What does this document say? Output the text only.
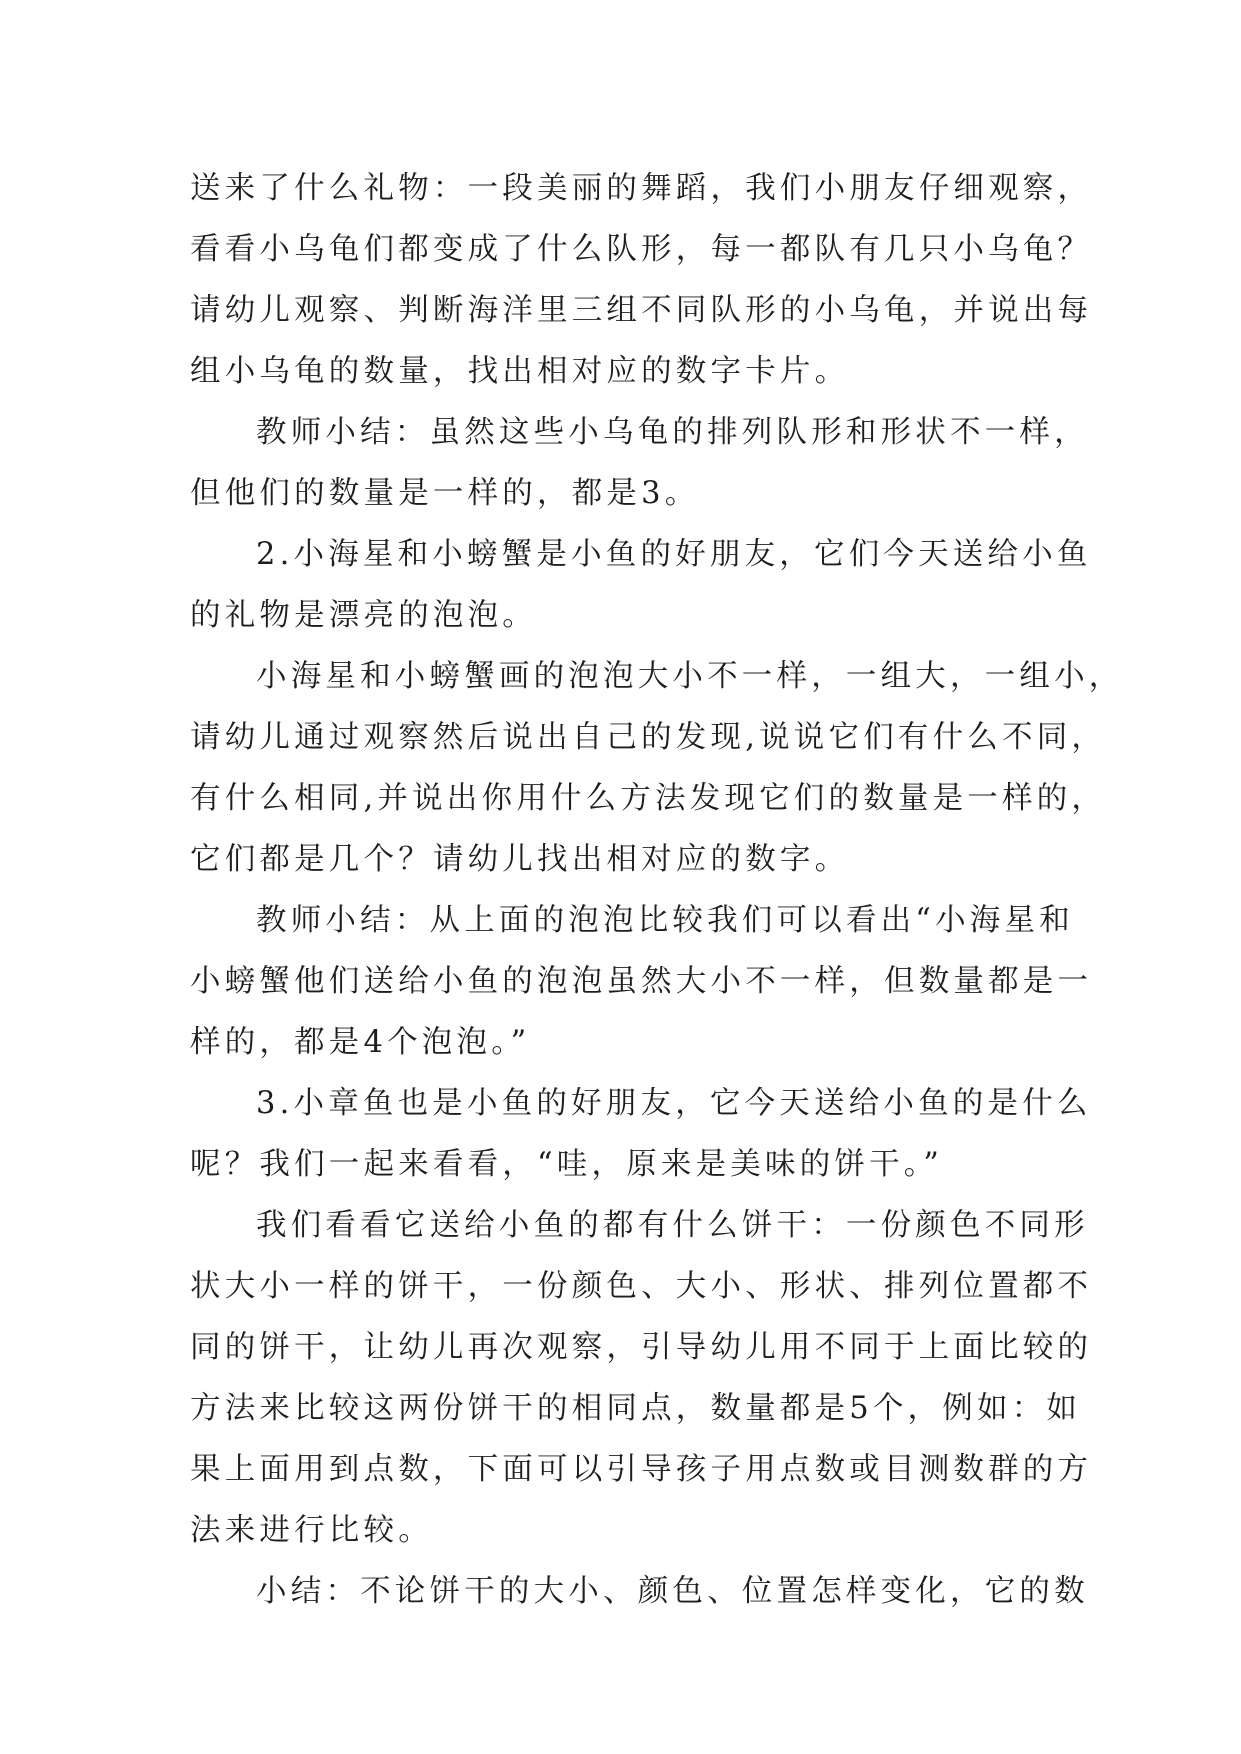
送来了什么礼物：一段美丽的舞蹈，我们小朋友仔细观察，
看看小乌龟们都变成了什么队形，每一都队有几只小乌龟？
请幼儿观察、判断海洋里三组不同队形的小乌龟，并说出每
组小乌龟的数量，找出相对应的数字卡片。
教师小结：虽然这些小乌龟的排列队形和形状不一样，
但他们的数量是一样的，都是3。
2.小海星和小螃蟹是小鱼的好朋友，它们今天送给小鱼
的礼物是漂亮的泡泡。
小海星和小螃蟹画的泡泡大小不一样，一组大，一组小，
请幼儿通过观察然后说出自己的发现,说说它们有什么不同，
有什么相同,并说出你用什么方法发现它们的数量是一样的，
它们都是几个？请幼儿找出相对应的数字。
教师小结：从上面的泡泡比较我们可以看出“小海星和
小螃蟹他们送给小鱼的泡泡虽然大小不一样，但数量都是一
样的，都是4个泡泡。”
3.小章鱼也是小鱼的好朋友，它今天送给小鱼的是什么
呢？我们一起来看看，“哇，原来是美味的饼干。”
我们看看它送给小鱼的都有什么饼干：一份颜色不同形
状大小一样的饼干，一份颜色、大小、形状、排列位置都不
同的饼干，让幼儿再次观察，引导幼儿用不同于上面比较的
方法来比较这两份饼干的相同点，数量都是5个，例如：如
果上面用到点数，下面可以引导孩子用点数或目测数群的方
法来进行比较。
小结：不论饼干的大小、颜色、位置怎样变化，它的数
